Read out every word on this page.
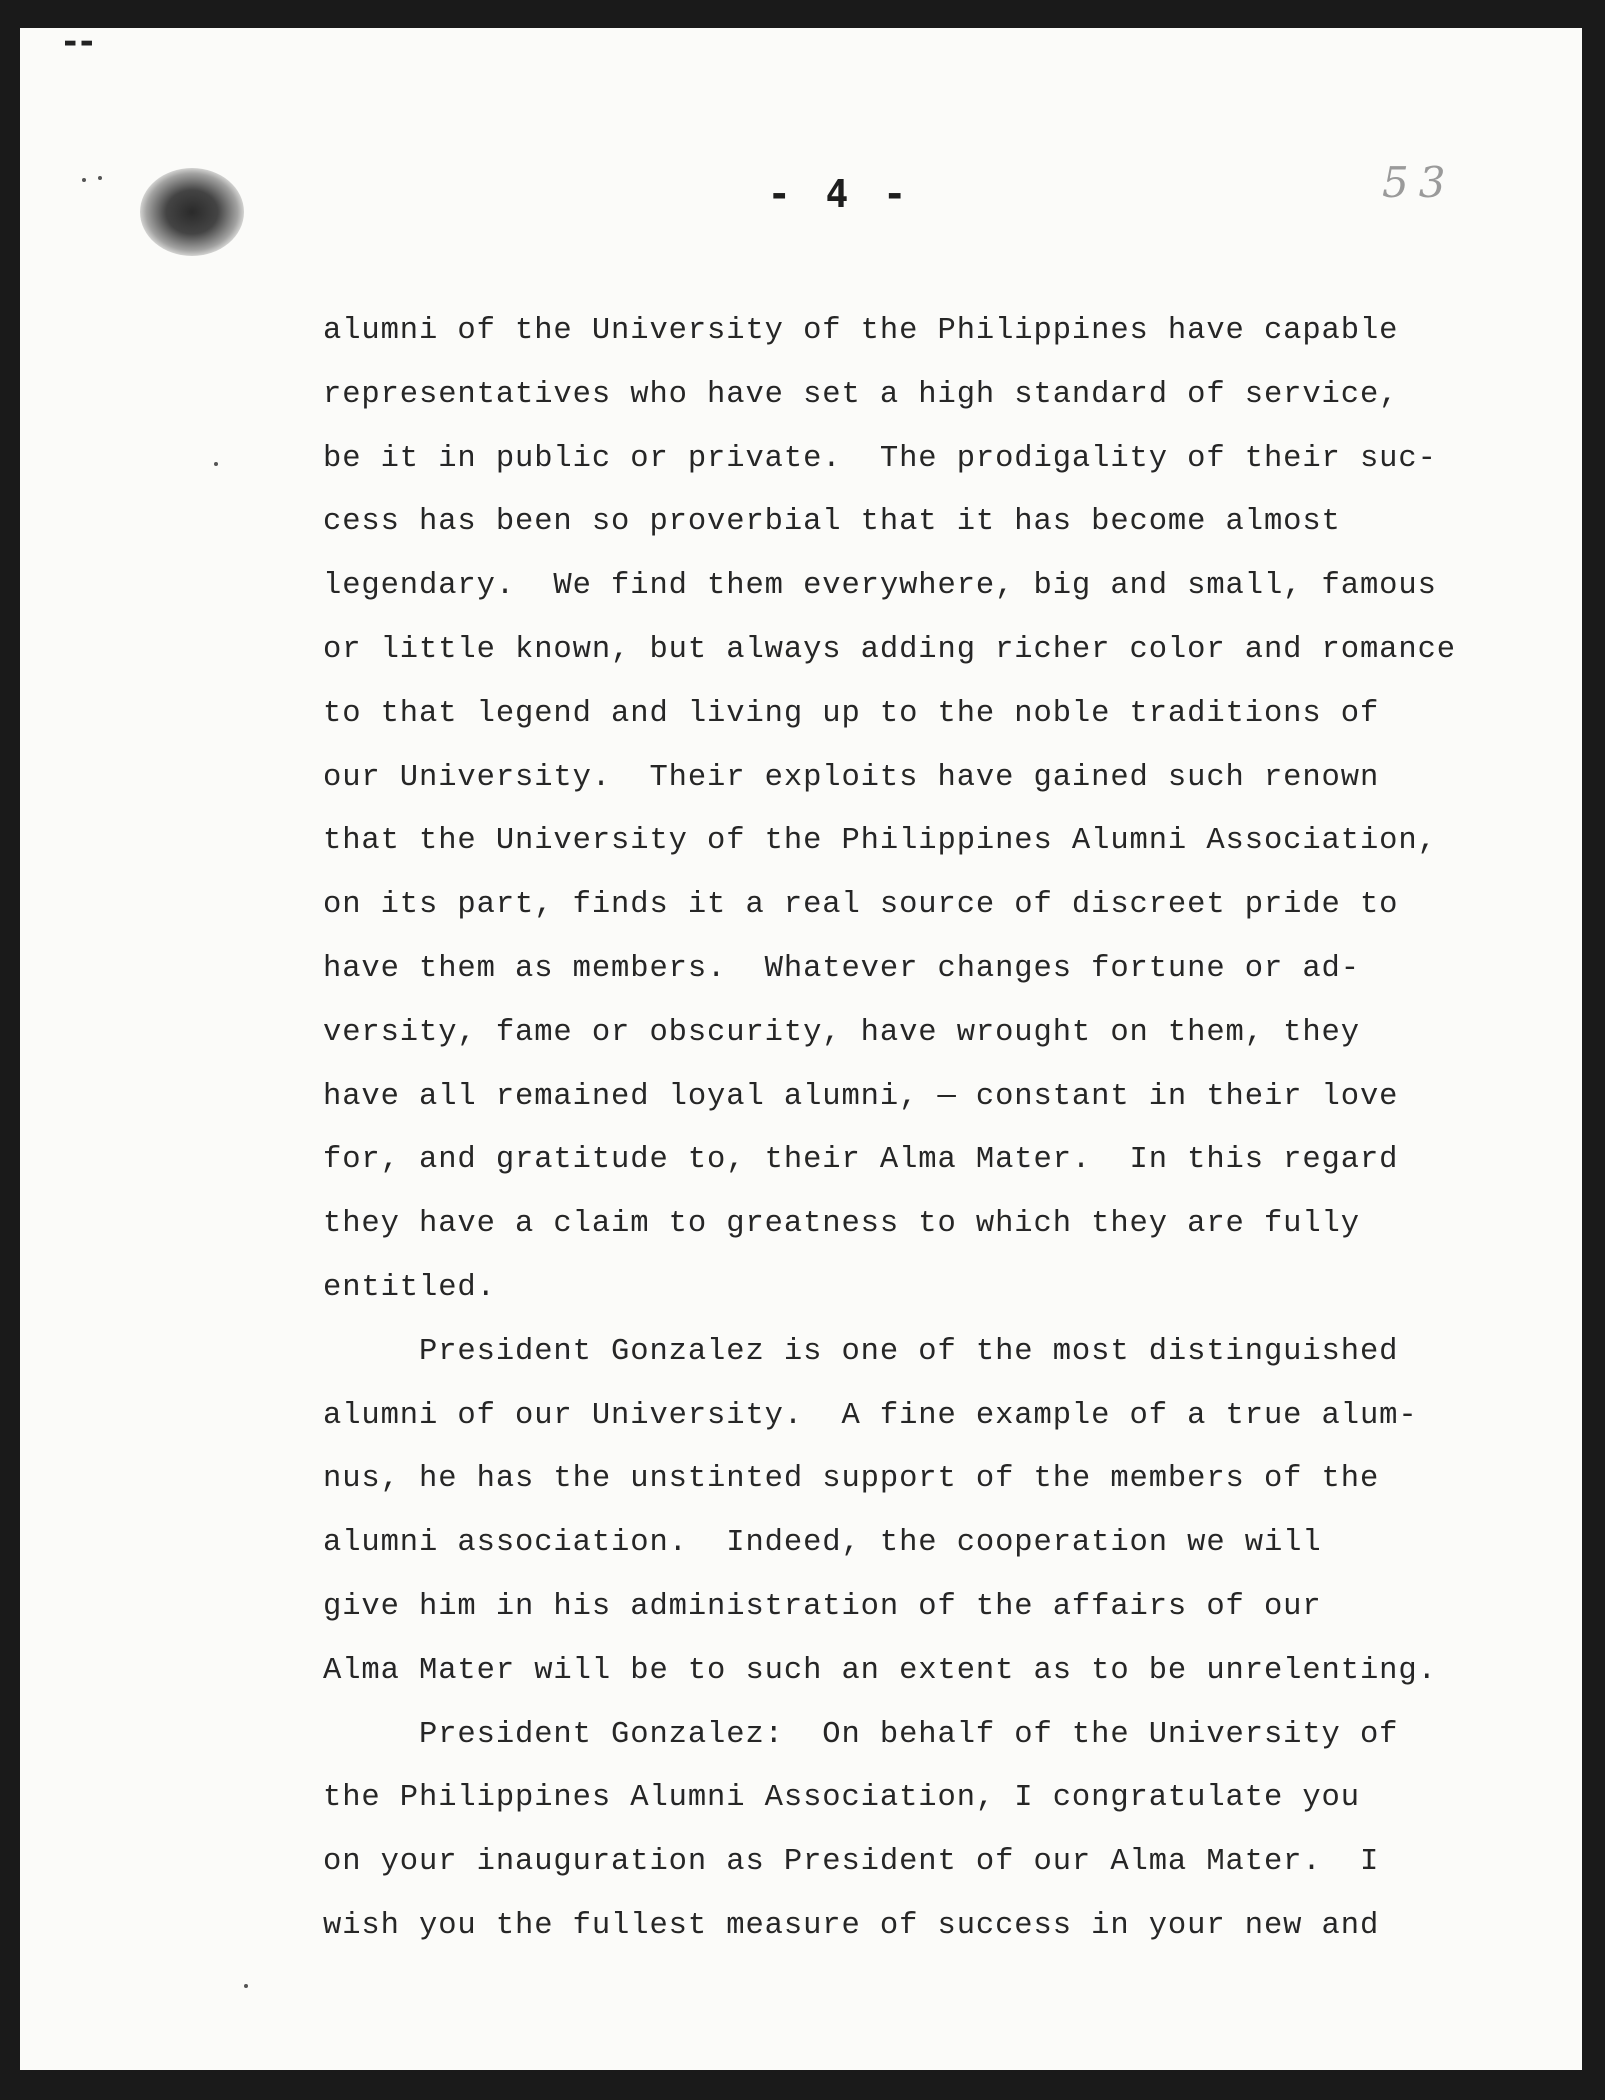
--
- 4 -	53
alumni of the University of the Philippines have capable
representatives who have set a high standard of service,
be it in public or private.  The prodigality of their suc-
cess has been so proverbial that it has become almost
legendary.  We find them everywhere, big and small, famous
or little known, but always adding richer color and romance
to that legend and living up to the noble traditions of
our University.  Their exploits have gained such renown
that the University of the Philippines Alumni Association,
on its part, finds it a real source of discreet pride to
have them as members.  Whatever changes fortune or ad-
versity, fame or obscurity, have wrought on them, they
have all remained loyal alumni, — constant in their love
for, and gratitude to, their Alma Mater.  In this regard
they have a claim to greatness to which they are fully
entitled.
President Gonzalez is one of the most distinguished
alumni of our University.  A fine example of a true alum-
nus, he has the unstinted support of the members of the
alumni association.  Indeed, the cooperation we will
give him in his administration of the affairs of our
Alma Mater will be to such an extent as to be unrelenting.
President Gonzalez:  On behalf of the University of
the Philippines Alumni Association, I congratulate you
on your inauguration as President of our Alma Mater.  I
wish you the fullest measure of success in your new and
